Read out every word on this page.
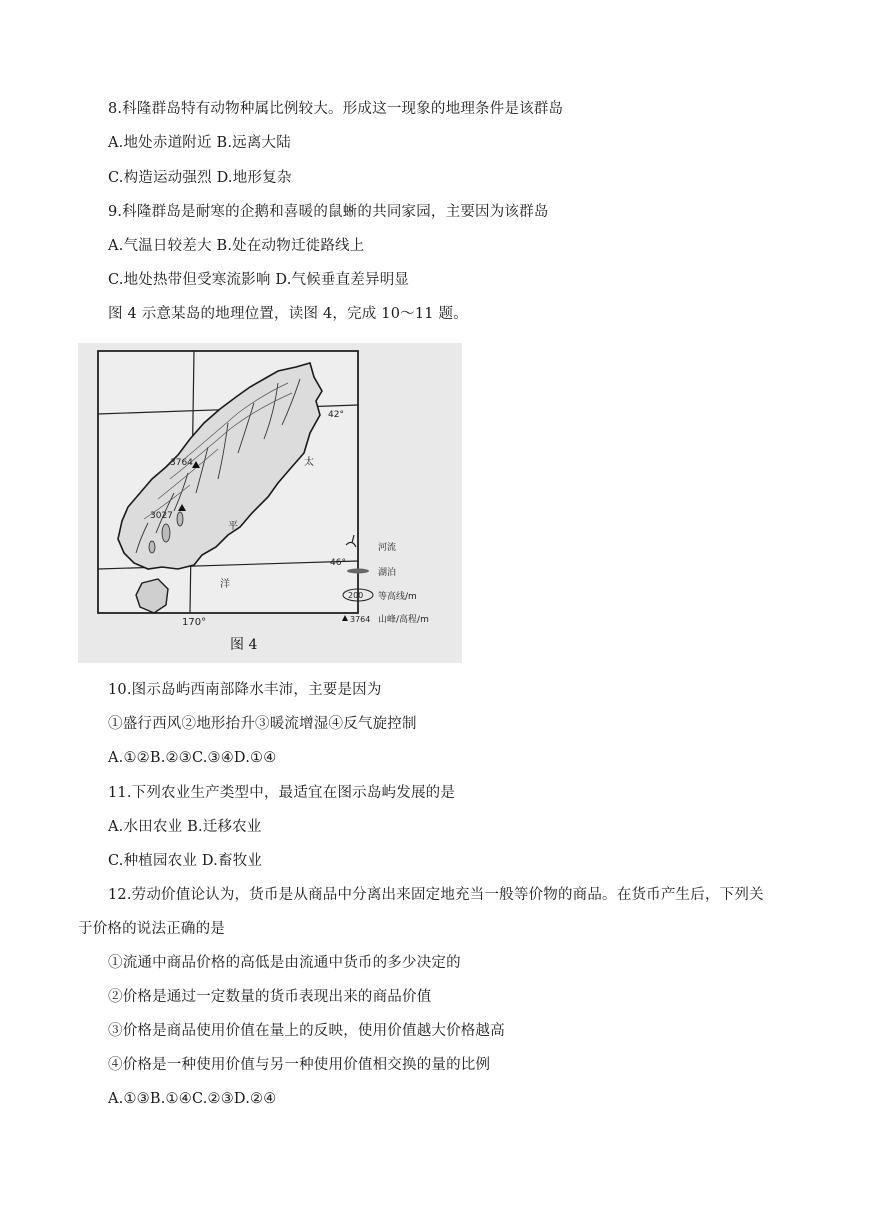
8.科隆群岛特有动物种属比例较大。形成这一现象的地理条件是该群岛
A.地处赤道附近 B.远离大陆
C.构造运动强烈 D.地形复杂
9.科隆群岛是耐寒的企鹅和喜暖的鼠蜥的共同家园，主要因为该群岛
A.气温日较差大 B.处在动物迁徙路线上
C.地处热带但受寒流影响 D.气候垂直差异明显
图 4 示意某岛的地理位置，读图 4，完成 10～11 题。
3764
3027
42°
46°
170°
太
平
洋
河流
湖泊
200 等高线/m
3764 山峰/高程/m
图 4
10.图示岛屿西南部降水丰沛，主要是因为
①盛行西风②地形抬升③暖流增湿④反气旋控制
A.①②B.②③C.③④D.①④
11.下列农业生产类型中，最适宜在图示岛屿发展的是
A.水田农业 B.迁移农业
C.种植园农业 D.畜牧业
12.劳动价值论认为，货币是从商品中分离出来固定地充当一般等价物的商品。在货币产生后，下列关
于价格的说法正确的是
①流通中商品价格的高低是由流通中货币的多少决定的
②价格是通过一定数量的货币表现出来的商品价值
③价格是商品使用价值在量上的反映，使用价值越大价格越高
④价格是一种使用价值与另一种使用价值相交换的量的比例
A.①③B.①④C.②③D.②④
